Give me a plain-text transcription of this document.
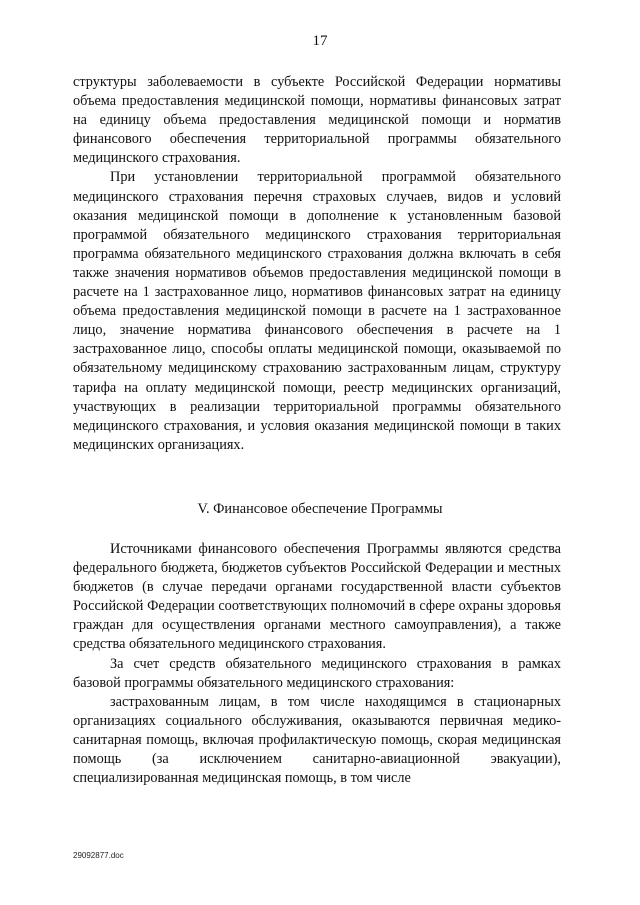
17

структуры заболеваемости в субъекте Российской Федерации нормативы объема предоставления медицинской помощи, нормативы финансовых затрат на единицу объема предоставления медицинской помощи и норматив финансового обеспечения территориальной программы обязательного медицинского страхования.

При установлении территориальной программой обязательного медицинского страхования перечня страховых случаев, видов и условий оказания медицинской помощи в дополнение к установленным базовой программой обязательного медицинского страхования территориальная программа обязательного медицинского страхования должна включать в себя также значения нормативов объемов предоставления медицинской помощи в расчете на 1 застрахованное лицо, нормативов финансовых затрат на единицу объема предоставления медицинской помощи в расчете на 1 застрахованное лицо, значение норматива финансового обеспечения в расчете на 1 застрахованное лицо, способы оплаты медицинской помощи, оказываемой по обязательному медицинскому страхованию застрахованным лицам, структуру тарифа на оплату медицинской помощи, реестр медицинских организаций, участвующих в реализации территориальной программы обязательного медицинского страхования, и условия оказания медицинской помощи в таких медицинских организациях.

V. Финансовое обеспечение Программы

Источниками финансового обеспечения Программы являются средства федерального бюджета, бюджетов субъектов Российской Федерации и местных бюджетов (в случае передачи органами государственной власти субъектов Российской Федерации соответствующих полномочий в сфере охраны здоровья граждан для осуществления органами местного самоуправления), а также средства обязательного медицинского страхования.

За счет средств обязательного медицинского страхования в рамках базовой программы обязательного медицинского страхования:

застрахованным лицам, в том числе находящимся в стационарных организациях социального обслуживания, оказываются первичная медико-санитарная помощь, включая профилактическую помощь, скорая медицинская помощь (за исключением санитарно-авиационной эвакуации), специализированная медицинская помощь, в том числе

29092877.doc
